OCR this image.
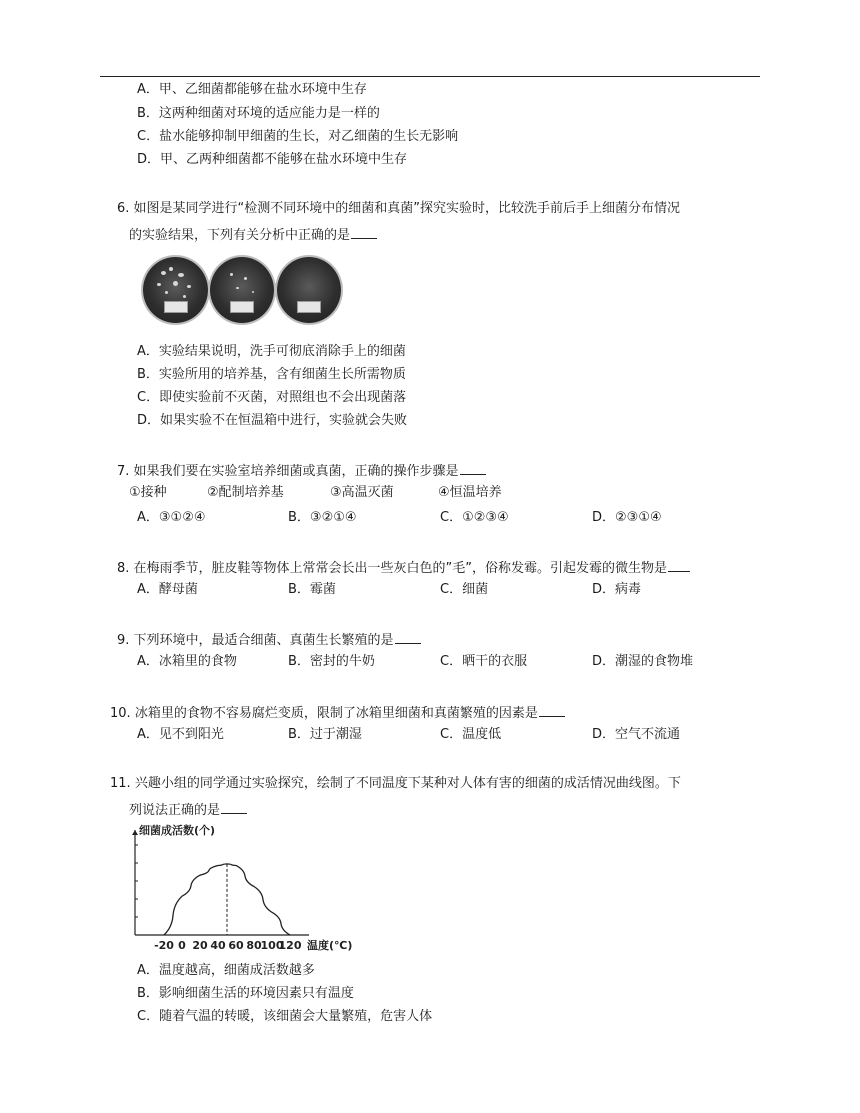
A．甲、乙细菌都能够在盐水环境中生存
B．这两种细菌对环境的适应能力是一样的
C．盐水能够抑制甲细菌的生长，对乙细菌的生长无影响
D．甲、乙两种细菌都不能够在盐水环境中生存
6. 如图是某同学进行“检测不同环境中的细菌和真菌”探究实验时，比较洗手前后手上细菌分布情况
的实验结果，下列有关分析中正确的是
A．实验结果说明，洗手可彻底消除手上的细菌
B．实验所用的培养基，含有细菌生长所需物质
C．即使实验前不灭菌，对照组也不会出现菌落
D．如果实验不在恒温箱中进行，实验就会失败
7. 如果我们要在实验室培养细菌或真菌，正确的操作步骤是
①接种	②配制培养基	③高温灭菌	④恒温培养
A．③①②④	B．③②①④	C．①②③④	D．②③①④
8. 在梅雨季节，脏皮鞋等物体上常常会长出一些灰白色的”毛”，俗称发霉。引起发霉的微生物是
A．酵母菌	B．霉菌	C．细菌	D．病毒
9. 下列环境中，最适合细菌、真菌生长繁殖的是
A．冰箱里的食物	B．密封的牛奶	C．晒干的衣服	D．潮湿的食物堆
10. 冰箱里的食物不容易腐烂变质，限制了冰箱里细菌和真菌繁殖的因素是
A．见不到阳光	B．过于潮湿	C．温度低	D．空气不流通
11. 兴趣小组的同学通过实验探究，绘制了不同温度下某种对人体有害的细菌的成活情况曲线图。下
列说法正确的是
细菌成活数(个)
-20 0 20 40 60 80
100
120 温度(℃)
A．温度越高，细菌成活数越多
B．影响细菌生活的环境因素只有温度
C．随着气温的转暖，该细菌会大量繁殖，危害人体
